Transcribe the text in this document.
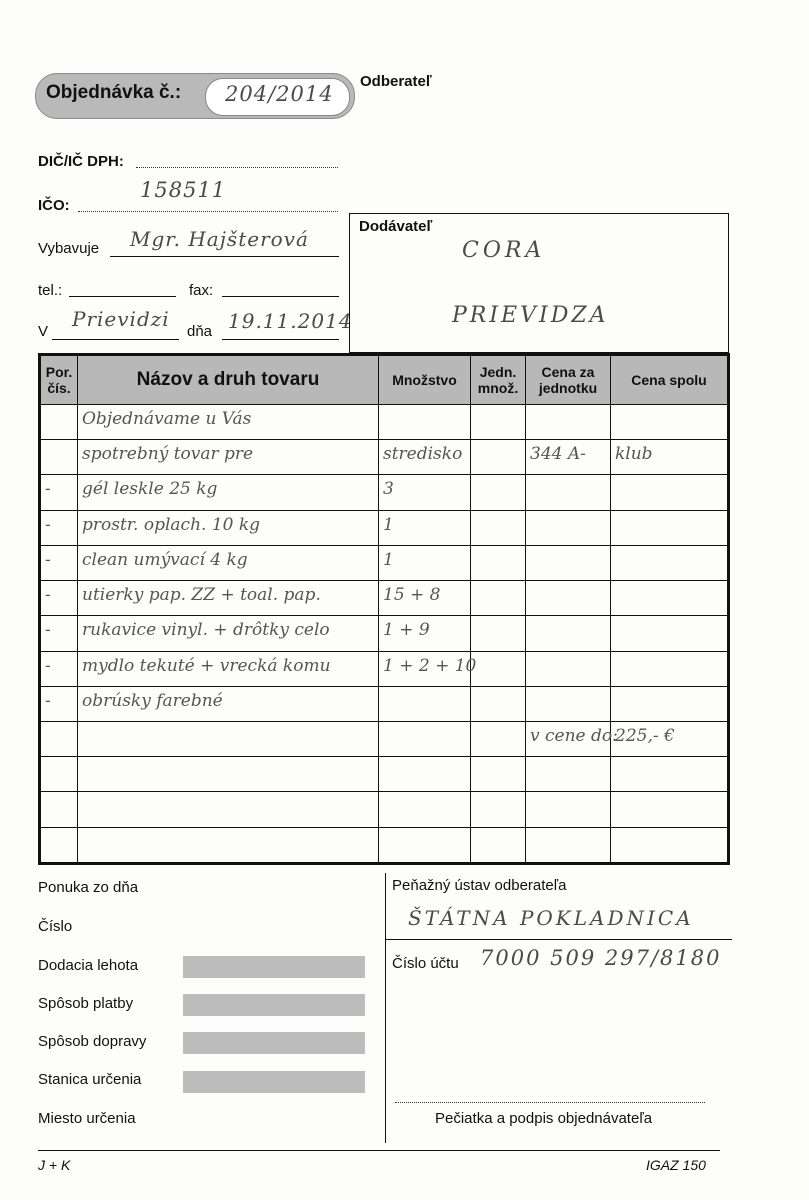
Objednávka č.: 204/2014
Odberateľ
DIČ/IČ DPH:
IČO:
158511
Vybavuje Mgr. Hajšterová
tel.:	fax:
V
Prievidzi
dňa 19.11.2014
Dodávateľ
CORA
PRIEVIDZA
Por. čís.	Názov a druh tovaru	Množstvo	Jedn. množ.	Cena za jednotku	Cena spolu

	Objednávame u Vás				

	spotrebný tovar pre	stredisko		344 A-	klub

-	gél leskle 25 kg	3			

-	prostr. oplach. 10 kg	1			

-	clean umývací 4 kg	1			

-	utierky pap. ZZ + toal. pap.	15 + 8			

-	rukavice vinyl. + drôtky celo	1 + 9			

-	mydlo tekuté + vrecká komu	1 + 2 + 10			

-	obrúsky farebné				

				v cene do:	225,- €

Ponuka zo dňa
Číslo
Dodacia lehota
Spôsob platby
Spôsob dopravy
Stanica určenia
Miesto určenia
Peňažný ústav odberateľa
ŠTÁTNA POKLADNICA
Číslo účtu 7000 509 297/8180
Pečiatka a podpis objednávateľa
J + K	IGAZ 150
